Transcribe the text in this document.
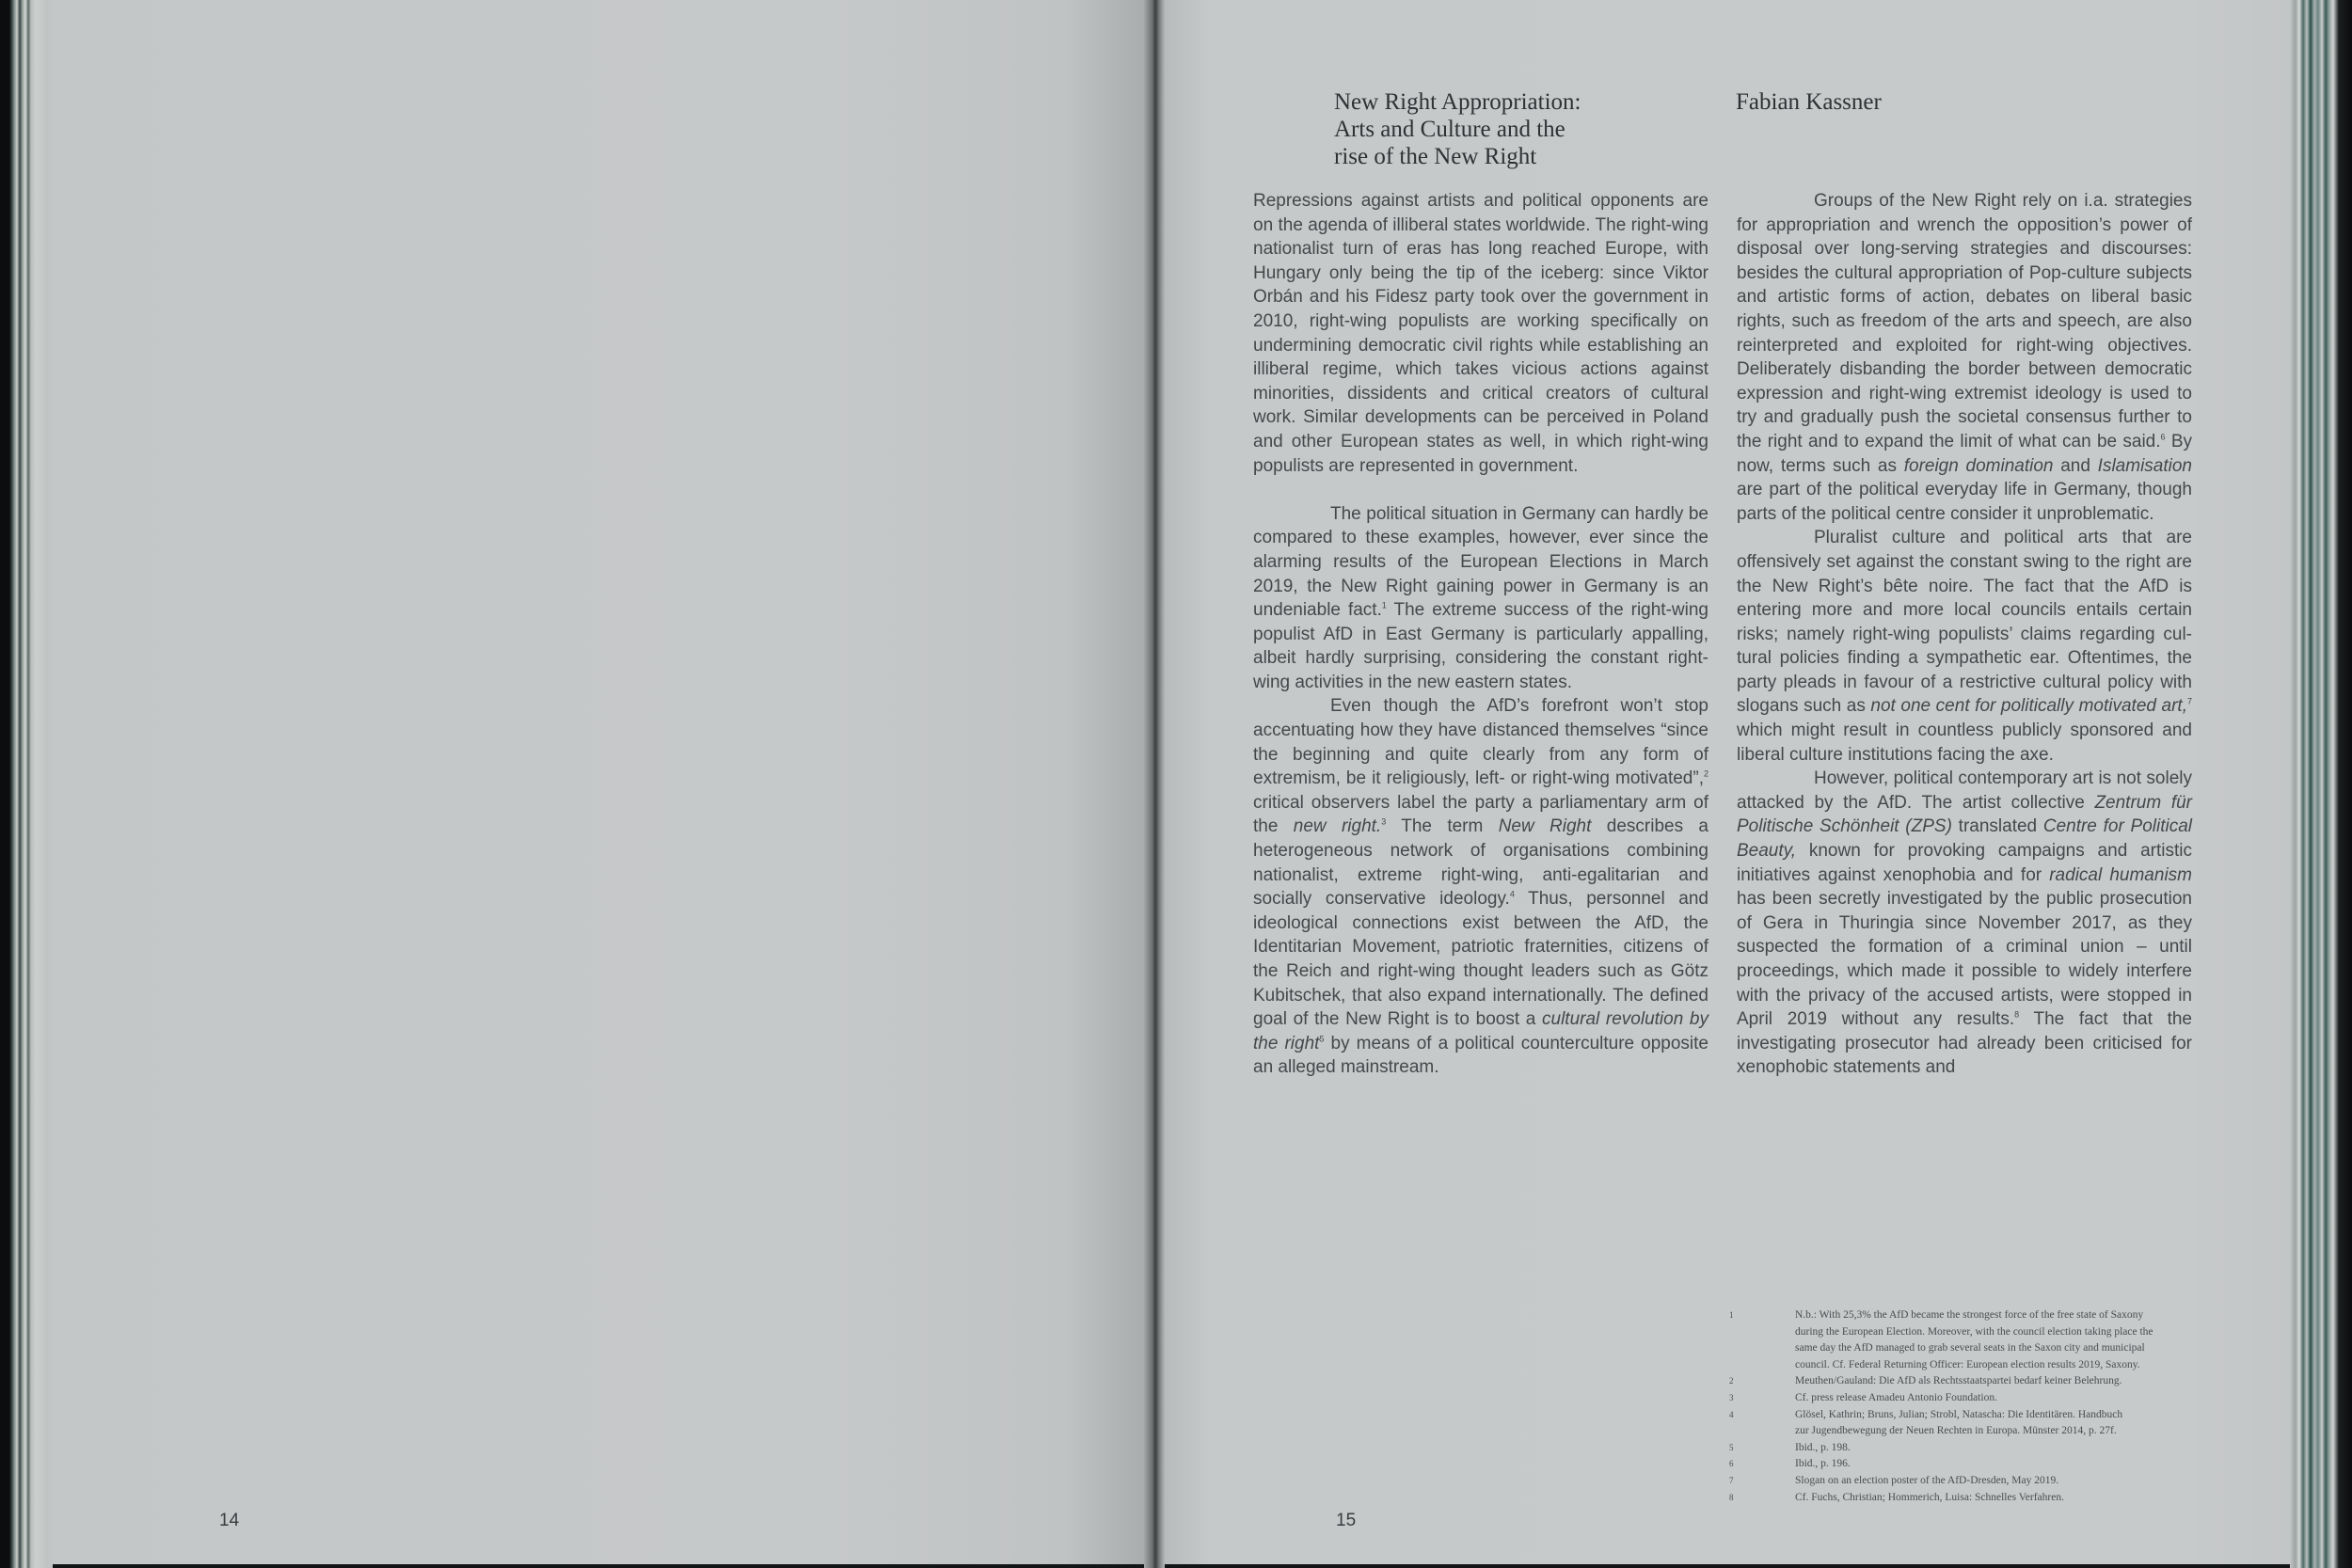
New Right Appropriation:
Arts and Culture and the
rise of the New Right
Fabian Kassner

Repressions against artists and political opponents are on the agenda of illiberal states worldwide. The right-wing nationalist turn of eras has long reached Europe, with Hungary only being the tip of the iceberg: since Viktor Orbán and his Fidesz party took over the government in 2010, right-wing populists are working specifically on undermining democratic civil rights while establishing an illiberal regime, which takes vicious actions against minorities, dissidents and critical creators of cultural work. Similar developments can be perceived in Poland and other European states as well, in which right-wing populists are represented in government.

The political situation in Germany can hardly be compared to these examples, however, ever since the alarming results of the European Elections in March 2019, the New Right gaining power in Germany is an undeniable fact.$^1$ The extreme success of the right-wing populist AfD in East Germany is particularly appalling, albeit hardly surprising, considering the constant right-wing activities in the new eastern states.

Even though the AfD’s forefront won’t stop accentuating how they have distanced themselves “since the beginning and quite clearly from any form of extremism, be it religiously, left- or right-wing motivated”,$^2$ critical observers label the party a parliamentary arm of the new right.$^3$ The term New Right describes a heterogeneous network of organisations combining nationalist, extreme right-wing, anti-egalitarian and socially conservative ideology.$^4$ Thus, personnel and ideological connections exist between the AfD, the Identitarian Movement, patriotic fraternities, citizens of the Reich and right-wing thought leaders such as Götz Kubitschek, that also expand internationally. The defined goal of the New Right is to boost a cultural revolution by the right$^5$ by means of a political counterculture opposite an alleged mainstream.

Groups of the New Right rely on i.a. strategies for appropriation and wrench the opposition’s power of disposal over long-serving strategies and discourses: besides the cultural appropriation of Pop-culture subjects and artistic forms of action, debates on liberal basic rights, such as freedom of the arts and speech, are also reinterpreted and exploited for right-wing objectives. Deliberately disbanding the border between democratic expression and right-wing extremist ideology is used to try and gradually push the societal consensus further to the right and to expand the limit of what can be said.$^6$ By now, terms such as foreign domination and Islamisation are part of the political everyday life in Germany, though parts of the political centre consider it unproblematic.

Pluralist culture and political arts that are offensively set against the constant swing to the right are the New Right’s bête noire. The fact that the AfD is entering more and more local councils entails certain risks; namely right-wing populists’ claims regarding cultural policies finding a sympathetic ear. Oftentimes, the party pleads in favour of a restrictive cultural policy with slogans such as not one cent for politically motivated art,$^7$ which might result in countless publicly sponsored and liberal culture institutions facing the axe.

However, political contemporary art is not solely attacked by the AfD. The artist collective Zentrum für Politische Schönheit (ZPS) translated Centre for Political Beauty, known for provoking campaigns and artistic initiatives against xenophobia and for radical humanism has been secretly investigated by the public prosecution of Gera in Thuringia since November 2017, as they suspected the formation of a criminal union – until proceedings, which made it possible to widely interfere with the privacy of the accused artists, were stopped in April 2019 without any results.$^8$ The fact that the investigating prosecutor had already been criticised for xenophobic statements and

1	N.b.: With 25,3% the AfD became the strongest force of the free state of Saxony
during the European Election. Moreover, with the council election taking place the
same day the AfD managed to grab several seats in the Saxon city and municipal
council. Cf. Federal Returning Officer: European election results 2019, Saxony.
2	Meuthen/Gauland: Die AfD als Rechtsstaatspartei bedarf keiner Belehrung.
3	Cf. press release Amadeu Antonio Foundation.
4	Glösel, Kathrin; Bruns, Julian; Strobl, Natascha: Die Identitären. Handbuch
zur Jugendbewegung der Neuen Rechten in Europa. Münster 2014, p. 27f.
5	Ibid., p. 198.
6	Ibid., p. 196.
7	Slogan on an election poster of the AfD-Dresden, May 2019.
8	Cf. Fuchs, Christian; Hommerich, Luisa: Schnelles Verfahren.
14	15
